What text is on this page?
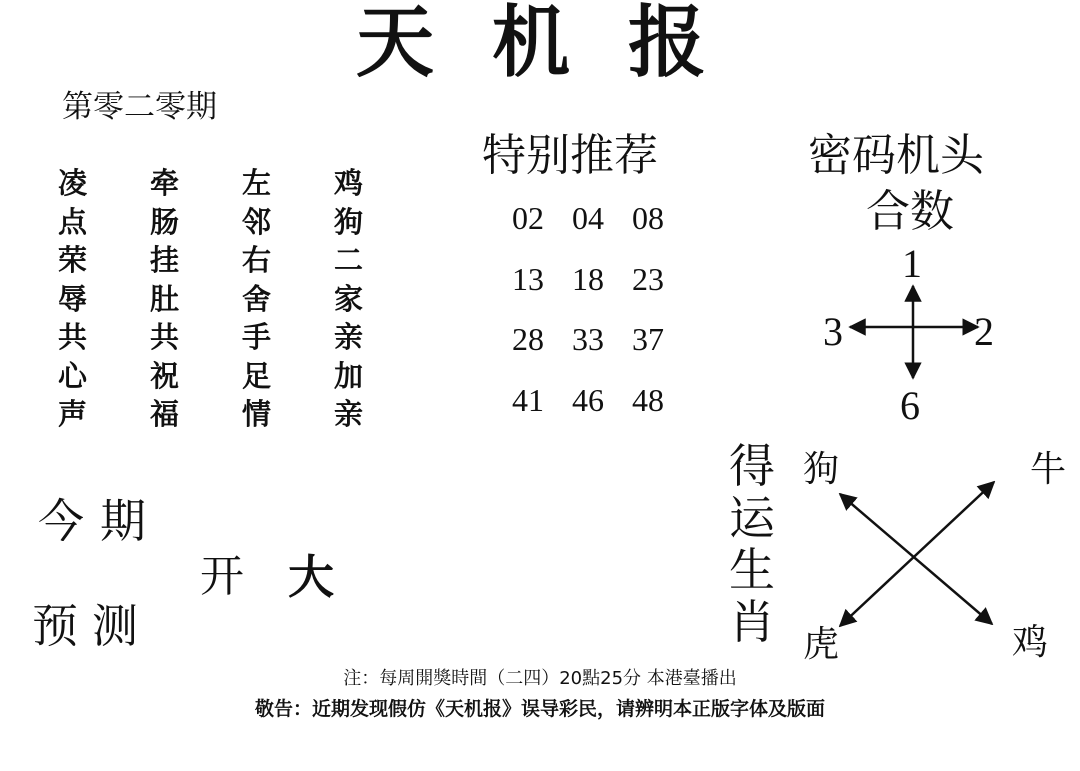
天机报
第零二零期
凌	牵	左	鸡
点	肠	邻	狗
荣	挂	右	二
辱	肚	舍	家
共	共	手	亲
心	祝	足	加
声	福	情	亲
特别推荐
02 04 08
13 18 23
28 33 37
41 46 48
密码机头
合数
1
2
3
6
今 期
预 测
开 大
得
运
生
肖
狗	牛
虎	鸡
注：每周開獎時間（二四）20點25分 本港臺播出
敬告：近期发现假仿《天机报》误导彩民，请辨明本正版字体及版面
